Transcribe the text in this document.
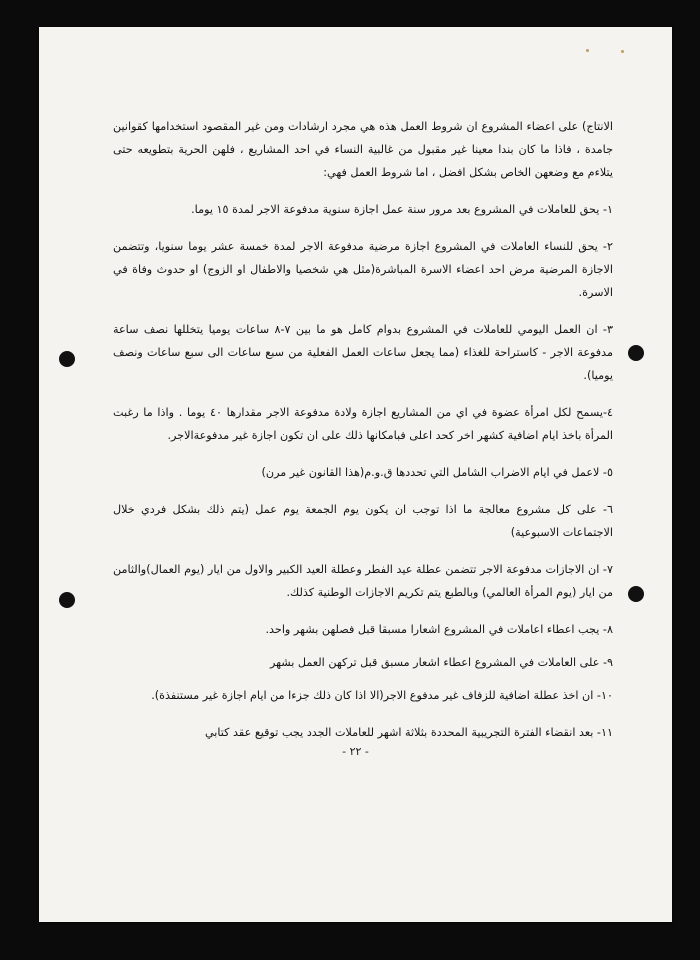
الانتاج) على اعضاء المشروع ان شروط العمل هذه هي مجرد ارشادات ومن غير المقصود استخدامها كقوانين جامدة ، فاذا ما كان بندا معينا غير مقبول من غالبية النساء في احد المشاريع ، فلهن الحرية بتطويعه حتى يتلاءم مع وضعهن الخاص بشكل افضل ، اما شروط العمل فهي:

١- يحق للعاملات في المشروع بعد مرور سنة عمل اجازة سنوية مدفوعة الاجر لمدة ١٥ يوما.

٢- يحق للنساء العاملات في المشروع اجازة مرضية مدفوعة الاجر لمدة خمسة عشر يوما سنويا، وتتضمن الاجازة المرضية مرض احد اعضاء الاسرة المباشرة(مثل هي شخصيا والاطفال او الزوج) او حدوث وفاة في الاسرة.

٣- ان العمل اليومي للعاملات في المشروع بدوام كامل هو ما بين ٧-٨ ساعات يوميا يتخللها نصف ساعة مدفوعة الاجر - كاستراحة للغذاء (مما يجعل ساعات العمل الفعلية من سبع ساعات الى سبع ساعات ونصف يوميا).

٤-يسمح لكل امرأة عضوة في اي من المشاريع اجازة ولادة مدفوعة الاجر مقدارها ٤٠ يوما . واذا ما رغبت المرأة باخذ ايام اضافية كشهر اخر كحد اعلى فبامكانها ذلك على ان تكون اجازة غير مدفوعةالاجر.

٥- لاعمل في ايام الاضراب الشامل التي تحددها ق.و.م(هذا القانون غير مرن)

٦- على كل مشروع معالجة ما اذا توجب ان يكون يوم الجمعة يوم عمل (يتم ذلك بشكل فردي خلال الاجتماعات الاسبوعية)

٧- ان الاجازات مدفوعة الاجر تتضمن عطلة عيد الفطر وعطلة العيد الكبير والاول من ايار (يوم العمال)والثامن من ايار (يوم المرأة العالمي) وبالطبع يتم تكريم الاجازات الوطنية كذلك.

٨- يجب اعطاء اعاملات في المشروع اشعارا مسبقا قبل فصلهن بشهر واحد.

٩- على العاملات في المشروع اعطاء اشعار مسبق قبل تركهن العمل بشهر

١٠- ان اخذ عطلة اضافية للزفاف غير مدفوع الاجر(الا اذا كان ذلك جزءا من ايام اجازة غير مستنفذة).

١١- بعد انقضاء الفترة التجريبية المحددة بثلاثة اشهر للعاملات الجدد يجب توقيع عقد كتابي

- ٢٢ -
